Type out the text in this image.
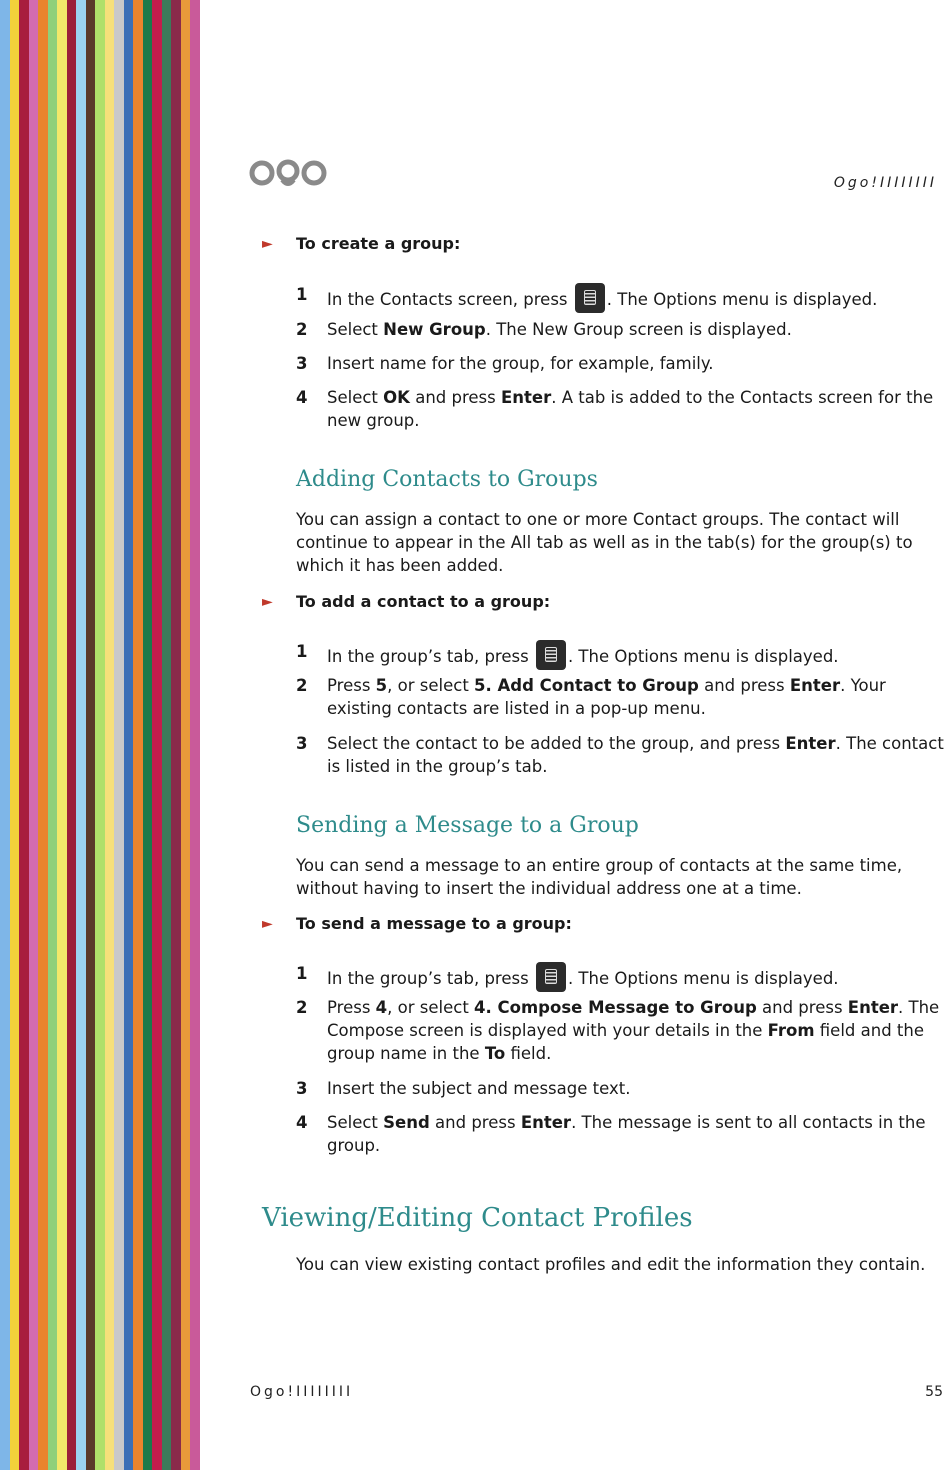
Ogo!IIIIIIII
►	To create a group:
1	In the Contacts screen, press . The Options menu is displayed.
2	Select New Group. The New Group screen is displayed.
3	Insert name for the group, for example, family.
4	Select OK and press Enter. A tab is added to the Contacts screen for the new group.
Adding Contacts to Groups
You can assign a contact to one or more Contact groups. The contact will continue to appear in the All tab as well as in the tab(s) for the group(s) to which it has been added.
►	To add a contact to a group:
1	In the group’s tab, press . The Options menu is displayed.
2	Press 5, or select 5. Add Contact to Group and press Enter. Your existing contacts are listed in a pop-up menu.
3	Select the contact to be added to the group, and press Enter. The contact is listed in the group’s tab.
Sending a Message to a Group
You can send a message to an entire group of contacts at the same time, without having to insert the individual address one at a time.
►	To send a message to a group:
1	In the group’s tab, press . The Options menu is displayed.
2	Press 4, or select 4. Compose Message to Group and press Enter. The Compose screen is displayed with your details in the From field and the group name in the To field.
3	Insert the subject and message text.
4	Select Send and press Enter. The message is sent to all contacts in the group.
Viewing/Editing Contact Profiles
You can view existing contact profiles and edit the information they contain.
Ogo!IIIIIIII	55
